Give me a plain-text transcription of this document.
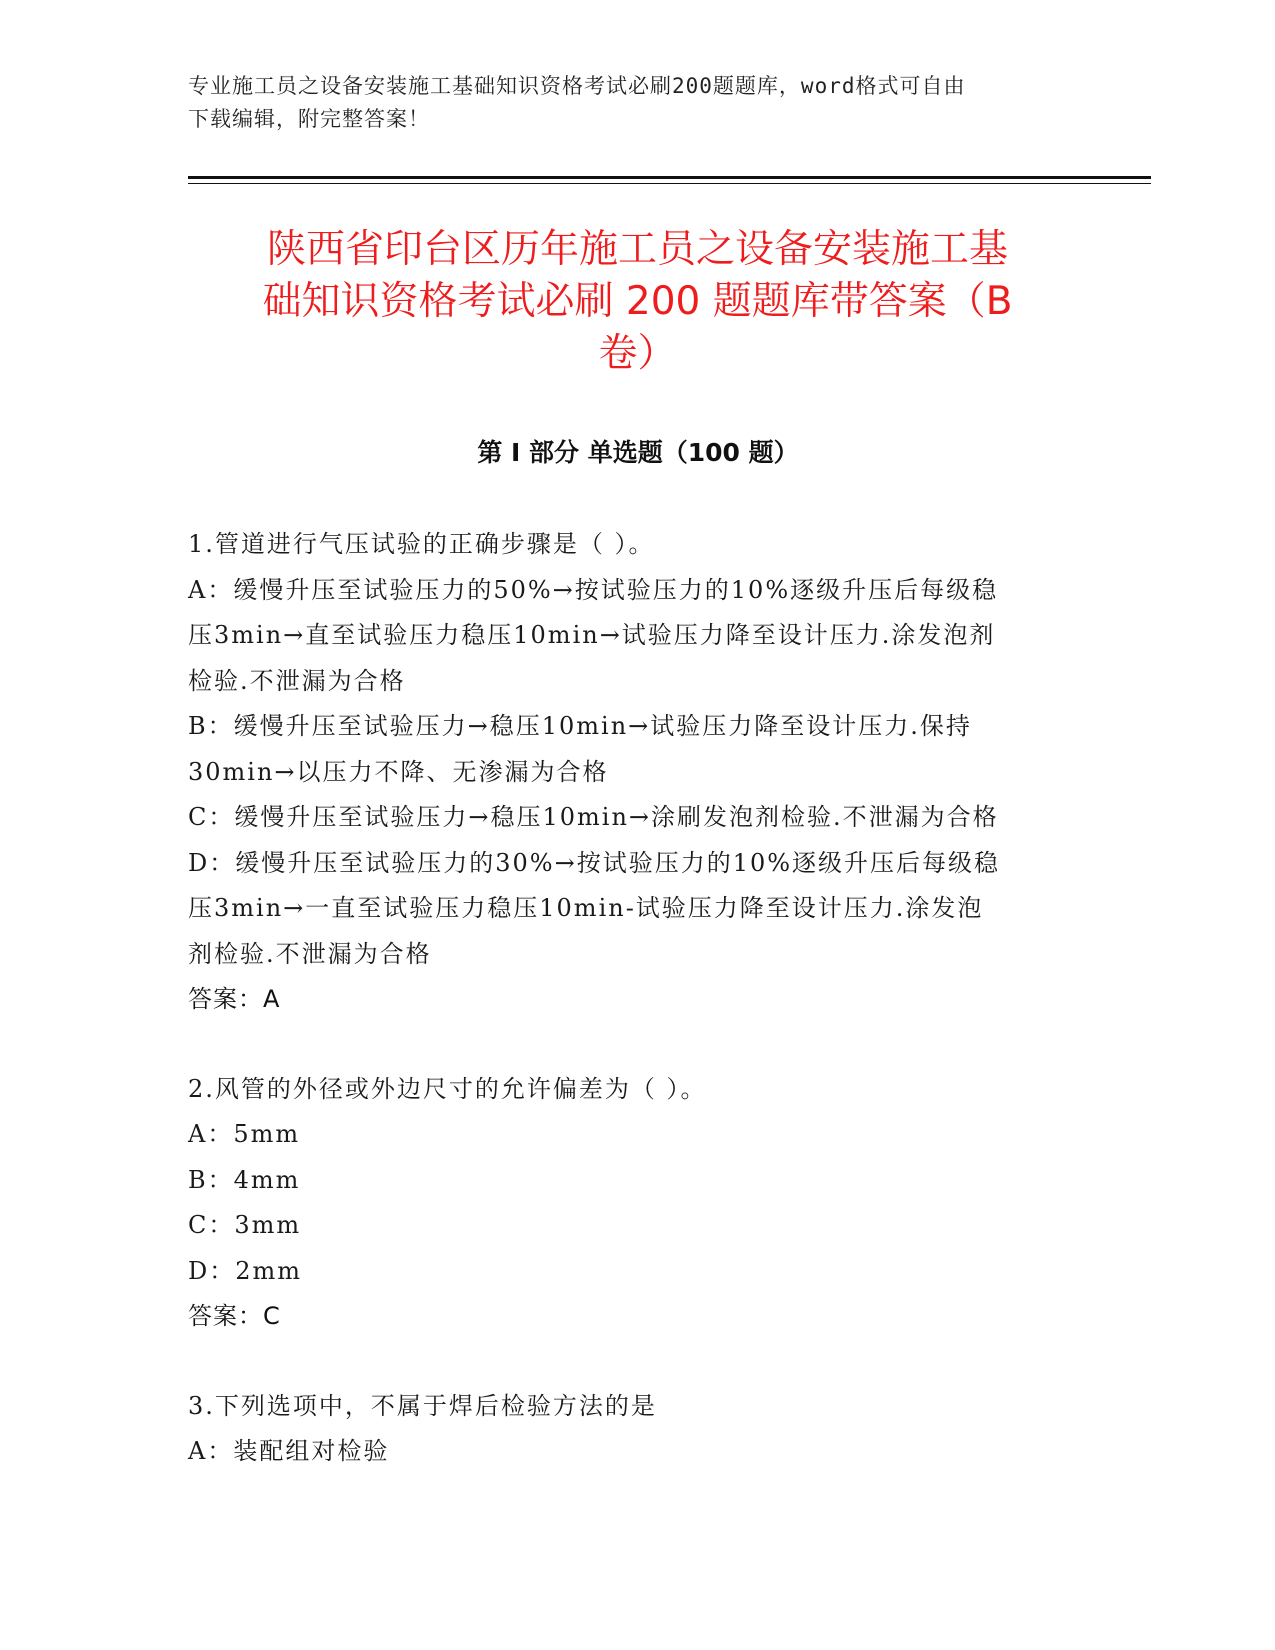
专业施工员之设备安装施工基础知识资格考试必刷200题题库，word格式可自由
下载编辑，附完整答案！
陕西省印台区历年施工员之设备安装施工基
础知识资格考试必刷 200 题题库带答案（B
卷）
第 I 部分 单选题（100 题）

1.管道进行气压试验的正确步骤是（ ）。

A：缓慢升压至试验压力的50%→按试验压力的10%逐级升压后每级稳

压3min→直至试验压力稳压10min→试验压力降至设计压力.涂发泡剂

检验.不泄漏为合格

B：缓慢升压至试验压力→稳压10min→试验压力降至设计压力.保持

30min→以压力不降、无渗漏为合格

C：缓慢升压至试验压力→稳压10min→涂刷发泡剂检验.不泄漏为合格

D：缓慢升压至试验压力的30%→按试验压力的10%逐级升压后每级稳

压3min→一直至试验压力稳压10min-试验压力降至设计压力.涂发泡

剂检验.不泄漏为合格

答案：A

2.风管的外径或外边尺寸的允许偏差为（ ）。

A：5mm

B：4mm

C：3mm

D：2mm

答案：C

3.下列选项中，不属于焊后检验方法的是

A：装配组对检验
